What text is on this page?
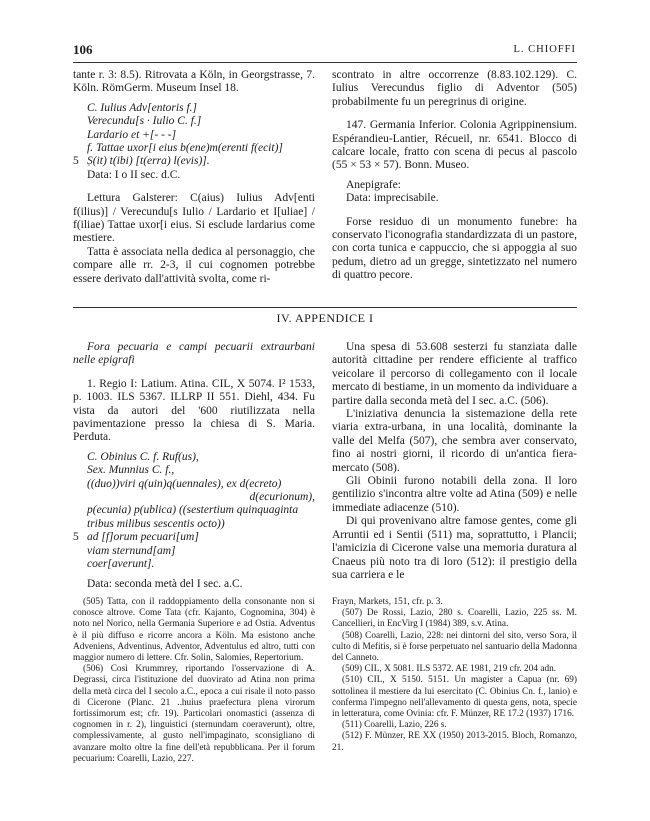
106	L. CHIOFFI

tante r. 3: 8.5). Ritrovata a Köln, in Georgstrasse, 7. Köln. RömGerm. Museum Insel 18.

C. Iulius Adv[entoris f.]

Verecundu[s · Iulio C. f.]

Lardario et +[- - -]

f. Tattae uxor[i eius b(ene)m(erenti f(ecit)]

5 Ṣ(it) t(ibi) [t(erra) l(evis)].

Data: I o II sec. d.C.

Lettura Galsterer: C(aius) Iulius Adv[enti f(ilius)] / Verecundu[s Iulio / Lardario et I[uliae] / f(iliae) Tattae uxor[i eius. Si esclude lardarius come mestiere.

Tatta è associata nella dedica al personaggio, che compare alle rr. 2-3, il cui cognomen potrebbe essere derivato dall'attività svolta, come ri-

scontrato in altre occorrenze (8.83.102.129). C. Iulius Verecundus figlio di Adventor (505) probabilmente fu un peregrinus di origine.

147. Germania Inferior. Colonia Agrippinensium. Espérandieu-Lantier, Récueil, nr. 6541. Blocco di calcare locale, fratto con scena di pecus al pascolo (55 × 53 × 57). Bonn. Museo.

Anepigrafe:

Data: imprecisabile.

Forse residuo di un monumento funebre: ha conservato l'iconografia standardizzata di un pastore, con corta tunica e cappuccio, che si appoggia al suo pedum, dietro ad un gregge, sintetizzato nel numero di quattro pecore.

IV. APPENDICE I

Fora pecuaria e campi pecuarii extraurbani nelle epigrafi

1. Regio I: Latium. Atina. CIL, X 5074. I² 1533, p. 1003. ILS 5367. ILLRP II 551. Diehl, 434. Fu vista da autori del '600 riutilizzata nella pavimentazione presso la chiesa di S. Maria. Perduta.

C. Obinius C. f. Ruf(us),

Sex. Munnius C. f.,

((duo))viri q(uin)q(uennales), ex d(ecreto)

d(ecurionum),

p(ecunia) p(ublica) ((sestertium quinquaginta tribus milibus sescentis octo))

5 ad [f]orum pecuari[um]

viam sternund[am]

coer[averunt].

Data: seconda metà del I sec. a.C.

Una spesa di 53.608 sesterzi fu stanziata dalle autorità cittadine per rendere efficiente al traffico veicolare il percorso di collegamento con il locale mercato di bestiame, in un momento da individuare a partire dalla seconda metà del I sec. a.C. (506).

L'iniziativa denuncia la sistemazione della rete viaria extra-urbana, in una località, dominante la valle del Melfa (507), che sembra aver conservato, fino ai nostri giorni, il ricordo di un'antica fiera-mercato (508).

Gli Obinii furono notabili della zona. Il loro gentilizio s'incontra altre volte ad Atina (509) e nelle immediate adiacenze (510).

Di qui provenivano altre famose gentes, come gli Arruntii ed i Sentii (511) ma, soprattutto, i Plancii; l'amicizia di Cicerone valse una memoria duratura al Cnaeus più noto tra di loro (512): il prestigio della sua carriera e le

(505) Tatta, con il raddoppiamento della consonante non si conosce altrove. Come Tata (cfr. Kajanto, Cognomina, 304) è noto nel Norico, nella Germania Superiore e ad Ostia. Adventus è il più diffuso e ricorre ancora a Köln. Ma esistono anche Adveniens, Adventinus, Adventor, Adventulus ed altro, tutti con maggior numero di lettere. Cfr. Solin, Salomies, Repertorium.

(506) Così Krummrey, riportando l'osservazione di A. Degrassi, circa l'istituzione del duovirato ad Atina non prima della metà circa del I secolo a.C., epoca a cui risale il noto passo di Cicerone (Planc. 21 ..huius praefectura plena virorum fortissimorum est; cfr. 19). Particolari onomastici (assenza di cognomen in r. 2), linguistici (sternundam coeraverunt), oltre, complessivamente, al gusto nell'impaginato, sconsigliano di avanzare molto oltre la fine dell'età repubblicana. Per il forum pecuarium: Coarelli, Lazio, 227.

Frayn, Markets, 151, cfr. p. 3.

(507) De Rossi, Lazio, 280 s. Coarelli, Lazio, 225 ss. M. Cancellieri, in EncVirg I (1984) 389, s.v. Atina.

(508) Coarelli, Lazio, 228: nei dintorni del sito, verso Sora, il culto di Mefitis, si è forse perpetuato nel santuario della Madonna del Canneto.

(509) CIL, X 5081. ILS 5372. AE 1981, 219 cfr. 204 adn.

(510) CIL, X 5150. 5151. Un magister a Capua (nr. 69) sottolinea il mestiere da lui esercitato (C. Obinius Cn. f., lanio) e conferma l'impegno nell'allevamento di questa gens, nota, specie in letteratura, come Ovinia: cfr. F. Münzer, RE 17.2 (1937) 1716.

(511) Coarelli, Lazio, 226 s.

(512) F. Münzer, RE XX (1950) 2013-2015. Bloch, Romanzo, 21.
